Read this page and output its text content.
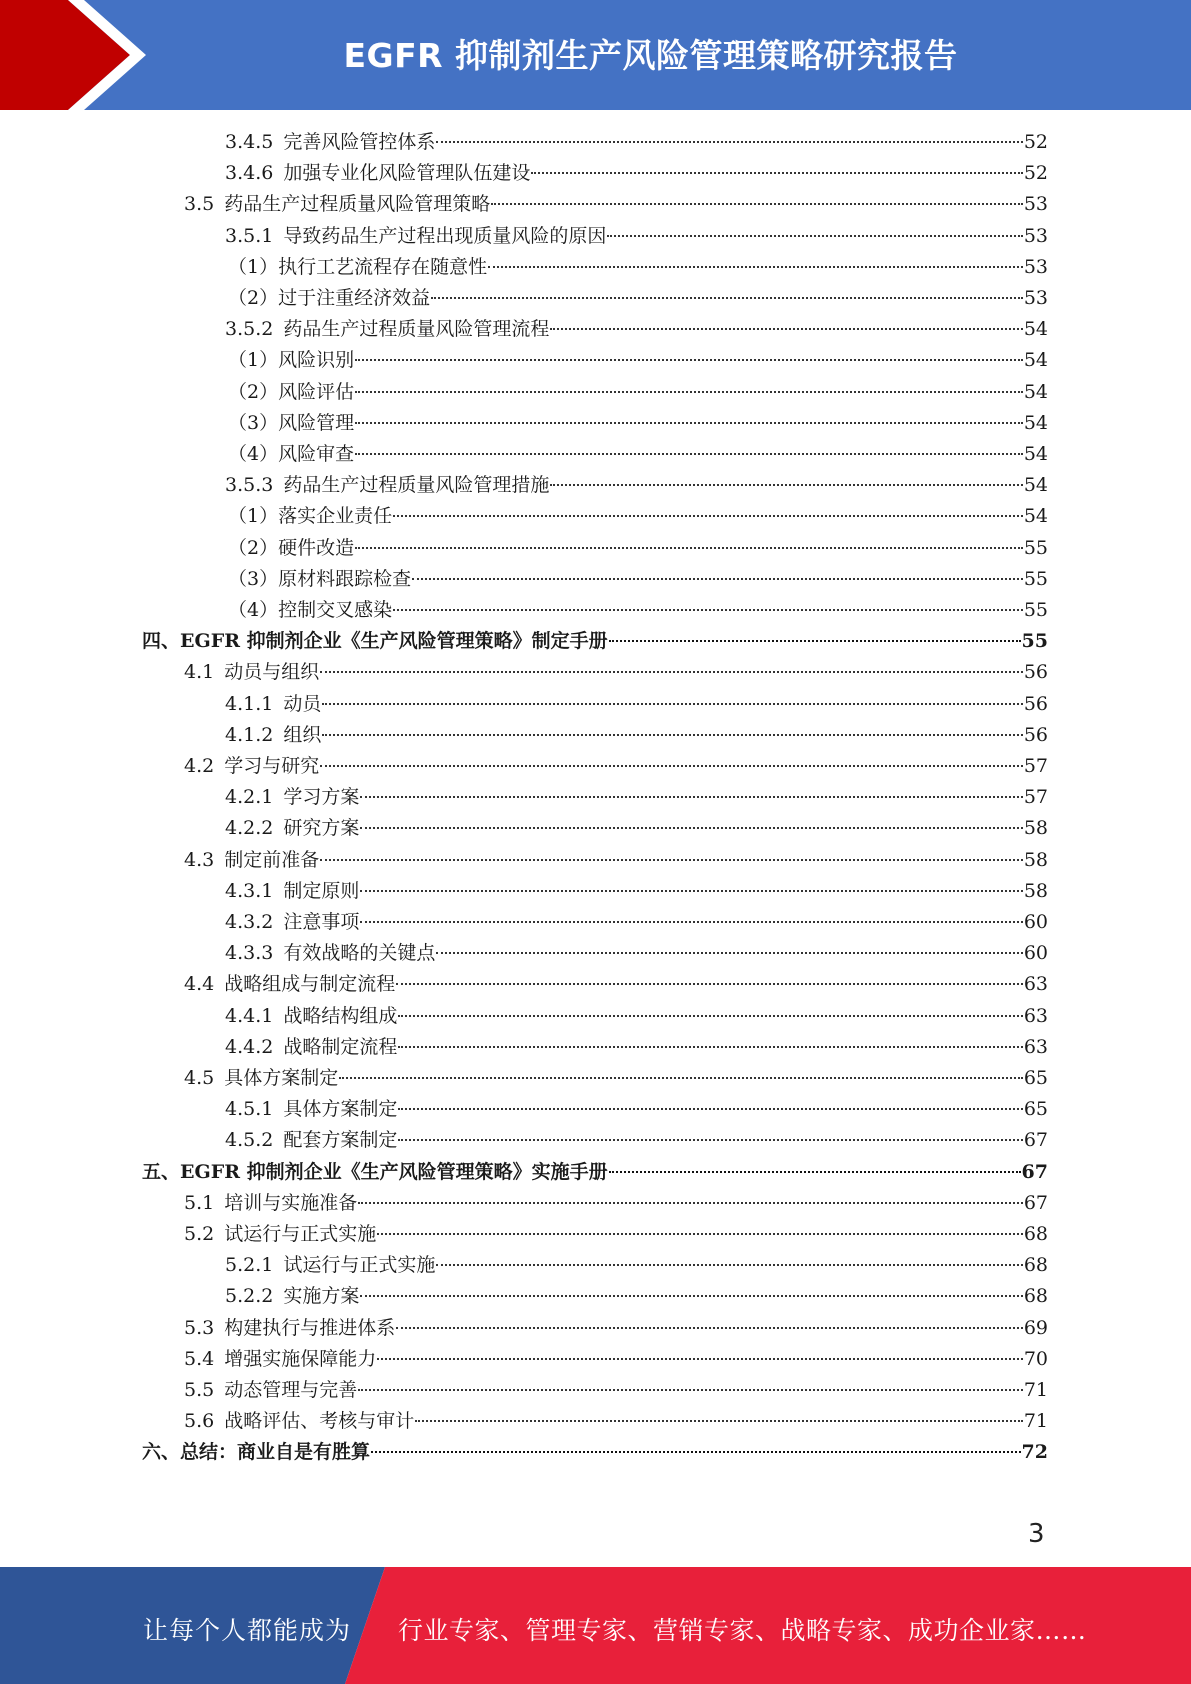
EGFR 抑制剂生产风险管理策略研究报告
3.4.5 完善风险管控体系	52
3.4.6 加强专业化风险管理队伍建设	52
3.5 药品生产过程质量风险管理策略	53
3.5.1 导致药品生产过程出现质量风险的原因	53
（1）执行工艺流程存在随意性	53
（2）过于注重经济效益	53
3.5.2 药品生产过程质量风险管理流程	54
（1）风险识别	54
（2）风险评估	54
（3）风险管理	54
（4）风险审查	54
3.5.3 药品生产过程质量风险管理措施	54
（1）落实企业责任	54
（2）硬件改造	55
（3）原材料跟踪检查	55
（4）控制交叉感染	55
四、EGFR 抑制剂企业《生产风险管理策略》制定手册	55
4.1 动员与组织	56
4.1.1 动员	56
4.1.2 组织	56
4.2 学习与研究	57
4.2.1 学习方案	57
4.2.2 研究方案	58
4.3 制定前准备	58
4.3.1 制定原则	58
4.3.2 注意事项	60
4.3.3 有效战略的关键点	60
4.4 战略组成与制定流程	63
4.4.1 战略结构组成	63
4.4.2 战略制定流程	63
4.5 具体方案制定	65
4.5.1 具体方案制定	65
4.5.2 配套方案制定	67
五、EGFR 抑制剂企业《生产风险管理策略》实施手册	67
5.1 培训与实施准备	67
5.2 试运行与正式实施	68
5.2.1 试运行与正式实施	68
5.2.2 实施方案	68
5.3 构建执行与推进体系	69
5.4 增强实施保障能力	70
5.5 动态管理与完善	71
5.6 战略评估、考核与审计	71
六、总结：商业自是有胜算	72
3
让每个人都能成为 行业专家、管理专家、营销专家、战略专家、成功企业家……
